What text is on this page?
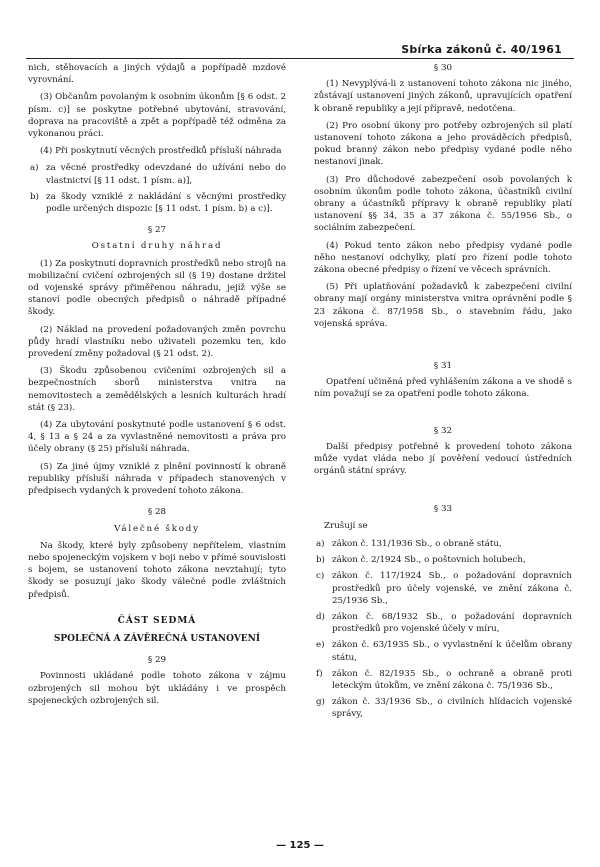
Sbírka zákonů č. 40/1961

nich, stěhovacích a jiných výdajů a popřípadě mzdové vyrovnání.

(3) Občanům povolaným k osobním úkonům [§ 6 odst. 2 písm. c)] se poskytne potřebné ubytování, stravování, doprava na pracoviště a zpět a popřípadě též odměna za vykonanou práci.

(4) Při poskytnutí věcných prostředků přísluší náhrada

a) za věcné prostředky odevzdané do užívání nebo do vlastnictví [§ 11 odst. 1 písm. a)],
b) za škody vzniklé z nakládání s věcnými prostředky podle určených dispozic [§ 11 odst. 1 písm. b) a c)].
§ 27
Ostatní druhy náhrad

(1) Za poskytnutí dopravních prostředků nebo strojů na mobilizační cvičení ozbrojených sil (§ 19) dostane držitel od vojenské správy přiměřenou náhradu, jejíž výše se stanoví podle obecných předpisů o náhradě případné škody.

(2) Náklad na provedení požadovaných změn povrchu půdy hradí vlastníku nebo uživateli pozemku ten, kdo provedení změny požadoval (§ 21 odst. 2).

(3) Škodu způsobenou cvičeními ozbrojených sil a bezpečnostních sborů ministerstva vnitra na nemovitostech a zemědělských a lesních kulturách hradí stát (§ 23).

(4) Za ubytování poskytnuté podle ustanovení § 6 odst. 4, § 13 a § 24 a za vyvlastněné nemovitosti a práva pro účely obrany (§ 25) přísluší náhrada.

(5) Za jiné újmy vzniklé z plnění povinností k obraně republiky přísluší náhrada v případech stanovených v předpisech vydaných k provedení tohoto zákona.

§ 28
Válečné škody

Na škody, které byly způsobeny nepřítelem, vlastním nebo spojeneckým vojskem v boji nebo v přímé souvislosti s bojem, se ustanovení tohoto zákona nevztahují; tyto škody se posuzují jako škody válečné podle zvláštních předpisů.

ČÁST SEDMÁ
SPOLEČNÁ A ZÁVĚREČNÁ USTANOVENÍ
§ 29

Povinnosti ukládané podle tohoto zákona v zájmu ozbrojených sil mohou být ukládány i ve prospěch spojeneckých ozbrojených sil.

§ 30

(1) Nevyplývá-li z ustanovení tohoto zákona nic jiného, zůstávají ustanovení jiných zákonů, upravujících opatření k obraně republiky a její přípravě, nedotčena.

(2) Pro osobní úkony pro potřeby ozbrojených sil platí ustanovení tohoto zákona a jeho prováděcích předpisů, pokud branný zákon nebo předpisy vydané podle něho nestanoví jinak.

(3) Pro důchodové zabezpečení osob povolaných k osobním úkonům podle tohoto zákona, účastníků civilní obrany a účastníků přípravy k obraně republiky platí ustanovení §§ 34, 35 a 37 zákona č. 55/1956 Sb., o sociálním zabezpečení.

(4) Pokud tento zákon nebo předpisy vydané podle něho nestanoví odchylky, platí pro řízení podle tohoto zákona obecné předpisy o řízení ve věcech správních.

(5) Při uplatňování požadavků k zabezpečení civilní obrany mají orgány ministerstva vnitra oprávnění podle § 23 zákona č. 87/1958 Sb., o stavebním řádu, jako vojenská správa.

§ 31

Opatření učiněná před vyhlášením zákona a ve shodě s ním považují se za opatření podle tohoto zákona.

§ 32

Další předpisy potřebné k provedení tohoto zákona může vydat vláda nebo jí pověření vedoucí ústředních orgánů státní správy.

§ 33

Zrušují se

a) zákon č. 131/1936 Sb., o obraně státu,
b) zákon č. 2/1924 Sb., o poštovních holubech,
c) zákon č. 117/1924 Sb., o požadování dopravních prostředků pro účely vojenské, ve znění zákona č. 25/1936 Sb.,
d) zákon č. 68/1932 Sb., o požadování dopravních prostředků pro vojenské účely v míru,
e) zákon č. 63/1935 Sb., o vyvlastnění k účelům obrany státu,
f)	zákon č. 82/1935 Sb., o ochraně a obraně proti leteckým útokům, ve znění zákona č. 75/1936 Sb.,
g) zákon č. 33/1936 Sb., o civilních hlídacích vojenské správy,
— 125 —
